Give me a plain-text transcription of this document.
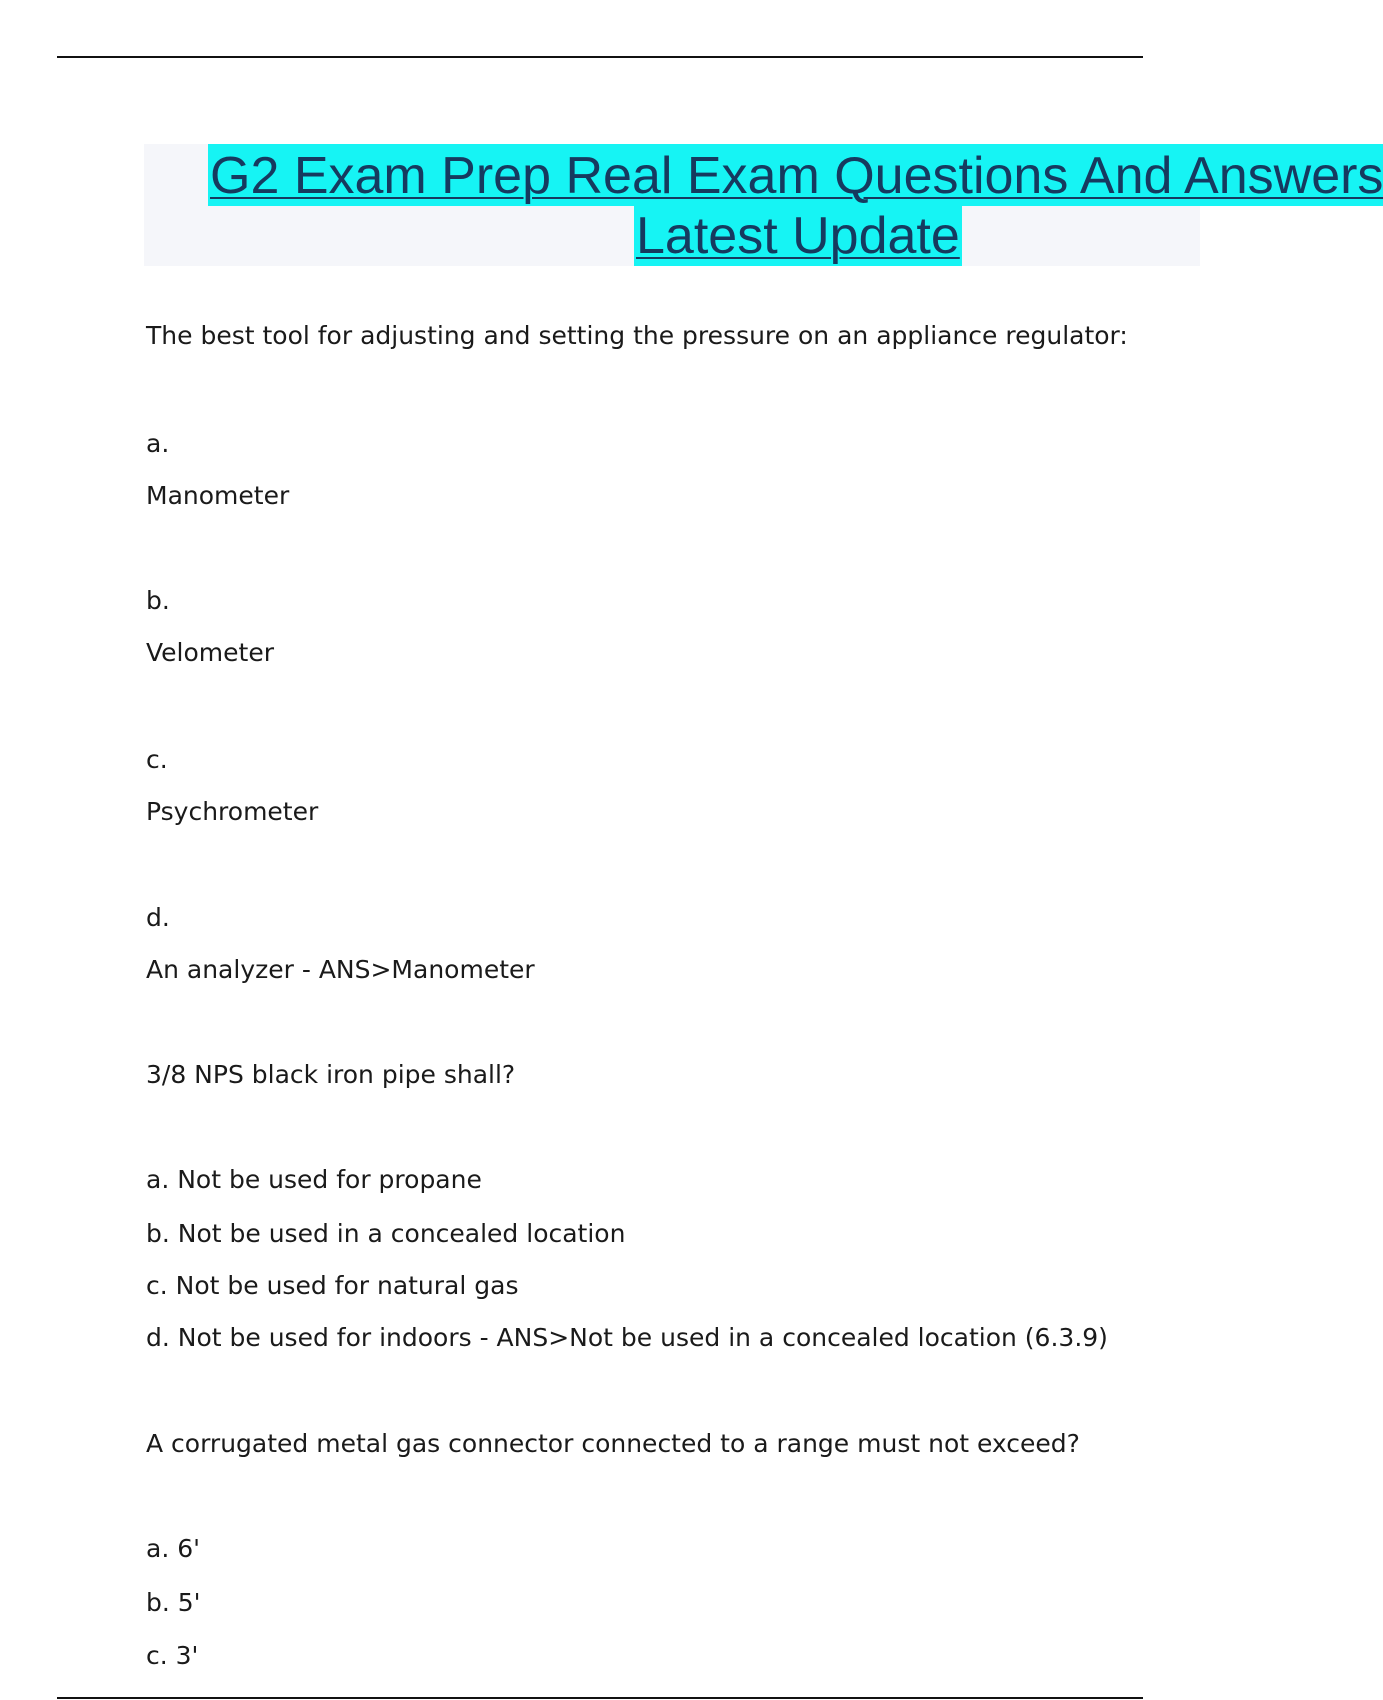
G2 Exam Prep Real Exam Questions And Answers
Latest Update
The best tool for adjusting and setting the pressure on an appliance regulator:
a.
Manometer
b.
Velometer
c.
Psychrometer
d.
An analyzer - ANS>Manometer
3/8 NPS black iron pipe shall?
a. Not be used for propane
b. Not be used in a concealed location
c. Not be used for natural gas
d. Not be used for indoors - ANS>Not be used in a concealed location (6.3.9)
A corrugated metal gas connector connected to a range must not exceed?
a. 6'
b. 5'
c. 3'
